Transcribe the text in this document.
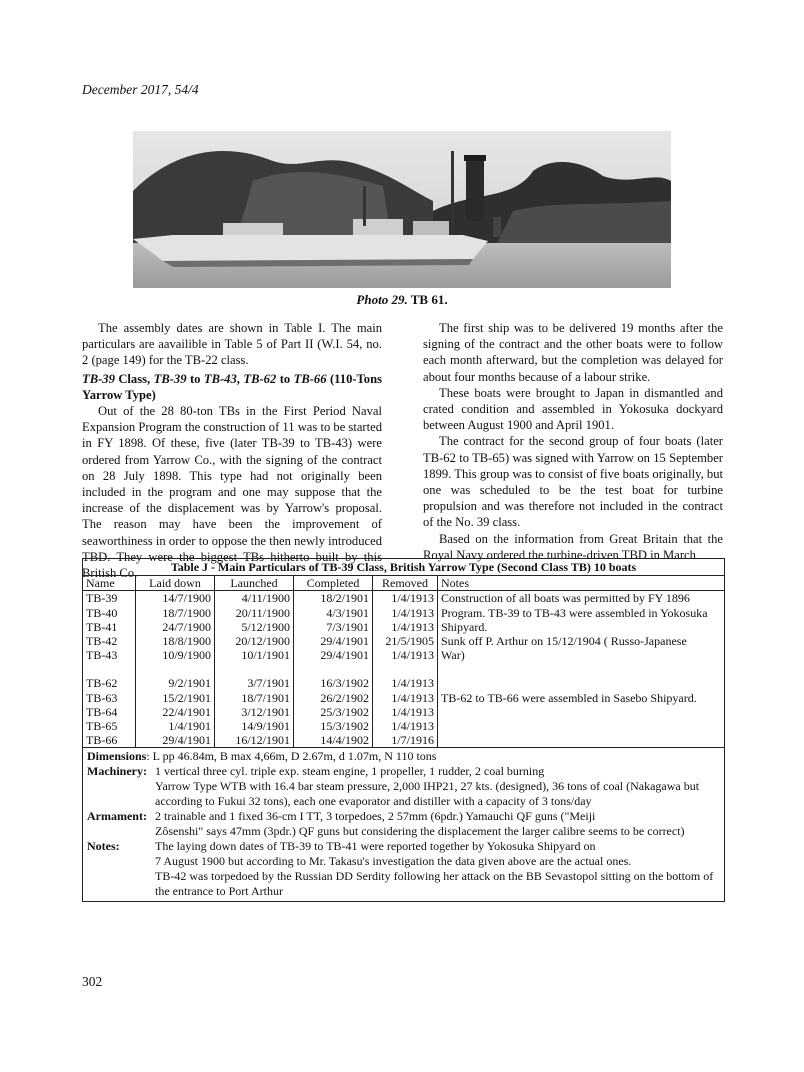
December 2017, 54/4
Photo 29. TB 61.

The assembly dates are shown in Table I. The main particulars are aavailible in Table 5 of Part II (W.I. 54, no. 2 (page 149) for the TB-22 class.

TB-39 Class, TB-39 to TB-43, TB-62 to TB-66 (110-Tons Yarrow Type)

Out of the 28 80-ton TBs in the First Period Naval Expansion Program the construction of 11 was to be started in FY 1898. Of these, five (later TB-39 to TB-43) were ordered from Yarrow Co., with the signing of the contract on 28 July 1898. This type had not originally been included in the program and one may suppose that the increase of the displacement was by Yarrow's proposal. The reason may have been the improvement of seaworthiness in order to oppose the then newly introduced TBD. They were the biggest TBs hitherto built by this British Co.

The first ship was to be delivered 19 months after the signing of the contract and the other boats were to follow each month afterward, but the completion was delayed for about four months because of a labour strike.

These boats were brought to Japan in dismantled and crated condition and assembled in Yokosuka dockyard between August 1900 and April 1901.

The contract for the second group of four boats (later TB-62 to TB-65) was signed with Yarrow on 15 September 1899. This group was to consist of five boats originally, but one was scheduled to be the test boat for turbine propulsion and was therefore not included in the contract of the No. 39 class.

Based on the information from Great Britain that the Royal Navy ordered the turbine-driven TBD in March

Table J - Main Particulars of TB-39 Class, British Yarrow Type (Second Class TB) 10 boats
Name	Laid down	Launched	Completed	Removed	Notes
TB-39	14/7/1900	4/11/1900	18/2/1901	1/4/1913	Construction of all boats was permitted by FY 1896
TB-40	18/7/1900	20/11/1900	4/3/1901	1/4/1913	Program. TB-39 to TB-43 were assembled in Yokosuka
TB-41	24/7/1900	5/12/1900	7/3/1901	1/4/1913	Shipyard.
TB-42	18/8/1900	20/12/1900	29/4/1901	21/5/1905	Sunk off P. Arthur on 15/12/1904 ( Russo-Japanese
TB-43	10/9/1900	10/1/1901	29/4/1901	1/4/1913	War)

TB-62	9/2/1901	3/7/1901	16/3/1902	1/4/1913	
TB-63	15/2/1901	18/7/1901	26/2/1902	1/4/1913	TB-62 to TB-66 were assembled in Sasebo Shipyard.
TB-64	22/4/1901	3/12/1901	25/3/1902	1/4/1913	
TB-65	1/4/1901	14/9/1901	15/3/1902	1/4/1913	
TB-66	29/4/1901	16/12/1901	14/4/1902	1/7/1916	
Dimensions : L pp 46.84m, B max 4,66m, D 2.67m, d 1.07m, N 110 tons
Machinery: 1 vertical three cyl. triple exp. steam engine, 1 propeller, 1 rudder, 2 coal burning
Yarrow Type WTB with 16.4 bar steam pressure, 2,000 IHP21, 27 kts. (designed), 36 tons of coal (Nakagawa but according to Fukui 32 tons), each one evaporator and distiller with a capacity of 3 tons/day
Armament: 2 trainable and 1 fixed 36-cm I TT, 3 torpedoes, 2 57mm (6pdr.) Yamauchi QF guns ("Meiji
Zôsenshi" says 47mm (3pdr.) QF guns but considering the displacement the larger calibre seems to be correct)
Notes:	The laying down dates of TB-39 to TB-41 were reported together by Yokosuka Shipyard on
7 August 1900 but according to Mr. Takasu's investigation the data given above are the actual ones.
TB-42 was torpedoed by the Russian DD Serdity following her attack on the BB Sevastopol sitting on the bottom of the entrance to Port Arthur
302
